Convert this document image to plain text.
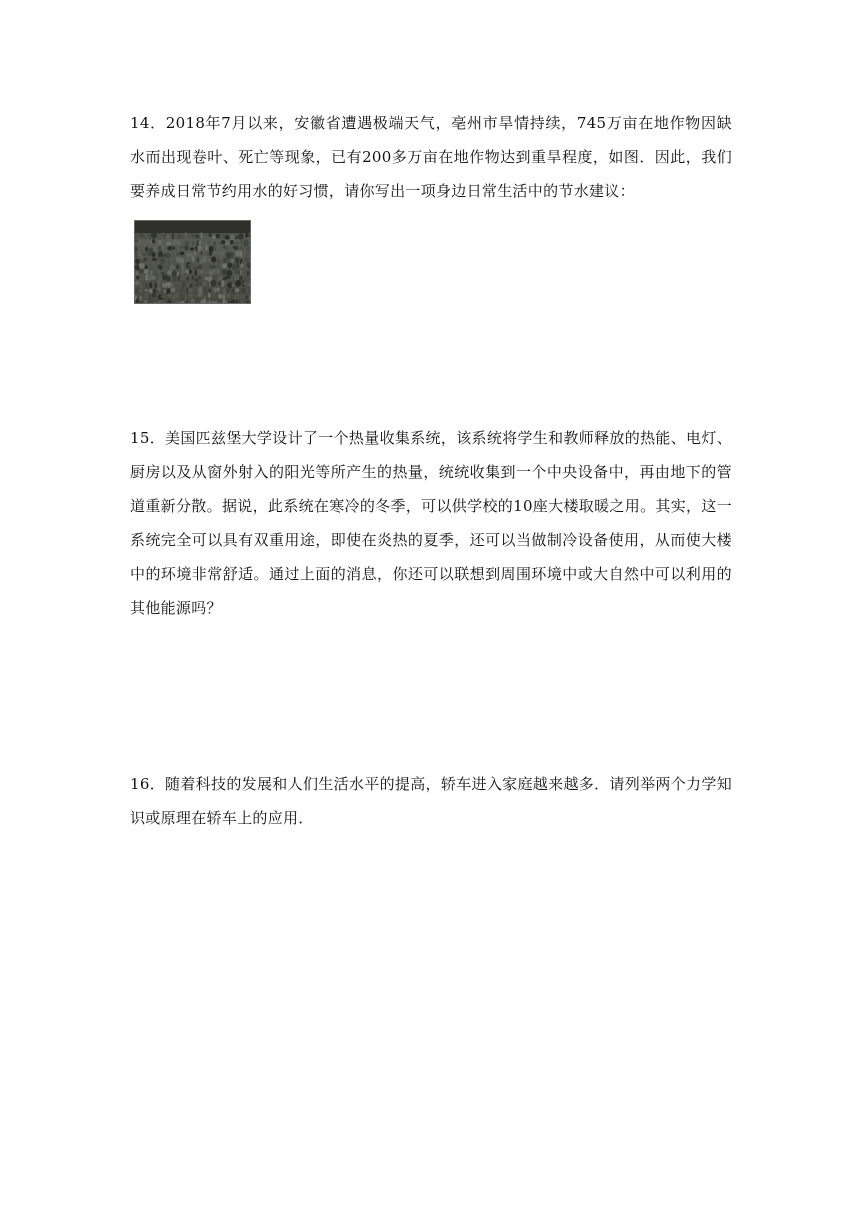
14．2018年7月以来，安徽省遭遇极端天气，亳州市旱情持续，745万亩在地作物因缺水而出现卷叶、死亡等现象，已有200多万亩在地作物达到重旱程度，如图．因此，我们要养成日常节约用水的好习惯，请你写出一项身边日常生活中的节水建议：

15．美国匹兹堡大学设计了一个热量收集系统，该系统将学生和教师释放的热能、电灯、厨房以及从窗外射入的阳光等所产生的热量，统统收集到一个中央设备中，再由地下的管道重新分散。据说，此系统在寒冷的冬季，可以供学校的10座大楼取暖之用。其实，这一系统完全可以具有双重用途，即使在炎热的夏季，还可以当做制冷设备使用，从而使大楼中的环境非常舒适。通过上面的消息，你还可以联想到周围环境中或大自然中可以利用的其他能源吗？

16．随着科技的发展和人们生活水平的提高，轿车进入家庭越来越多．请列举两个力学知识或原理在轿车上的应用．
